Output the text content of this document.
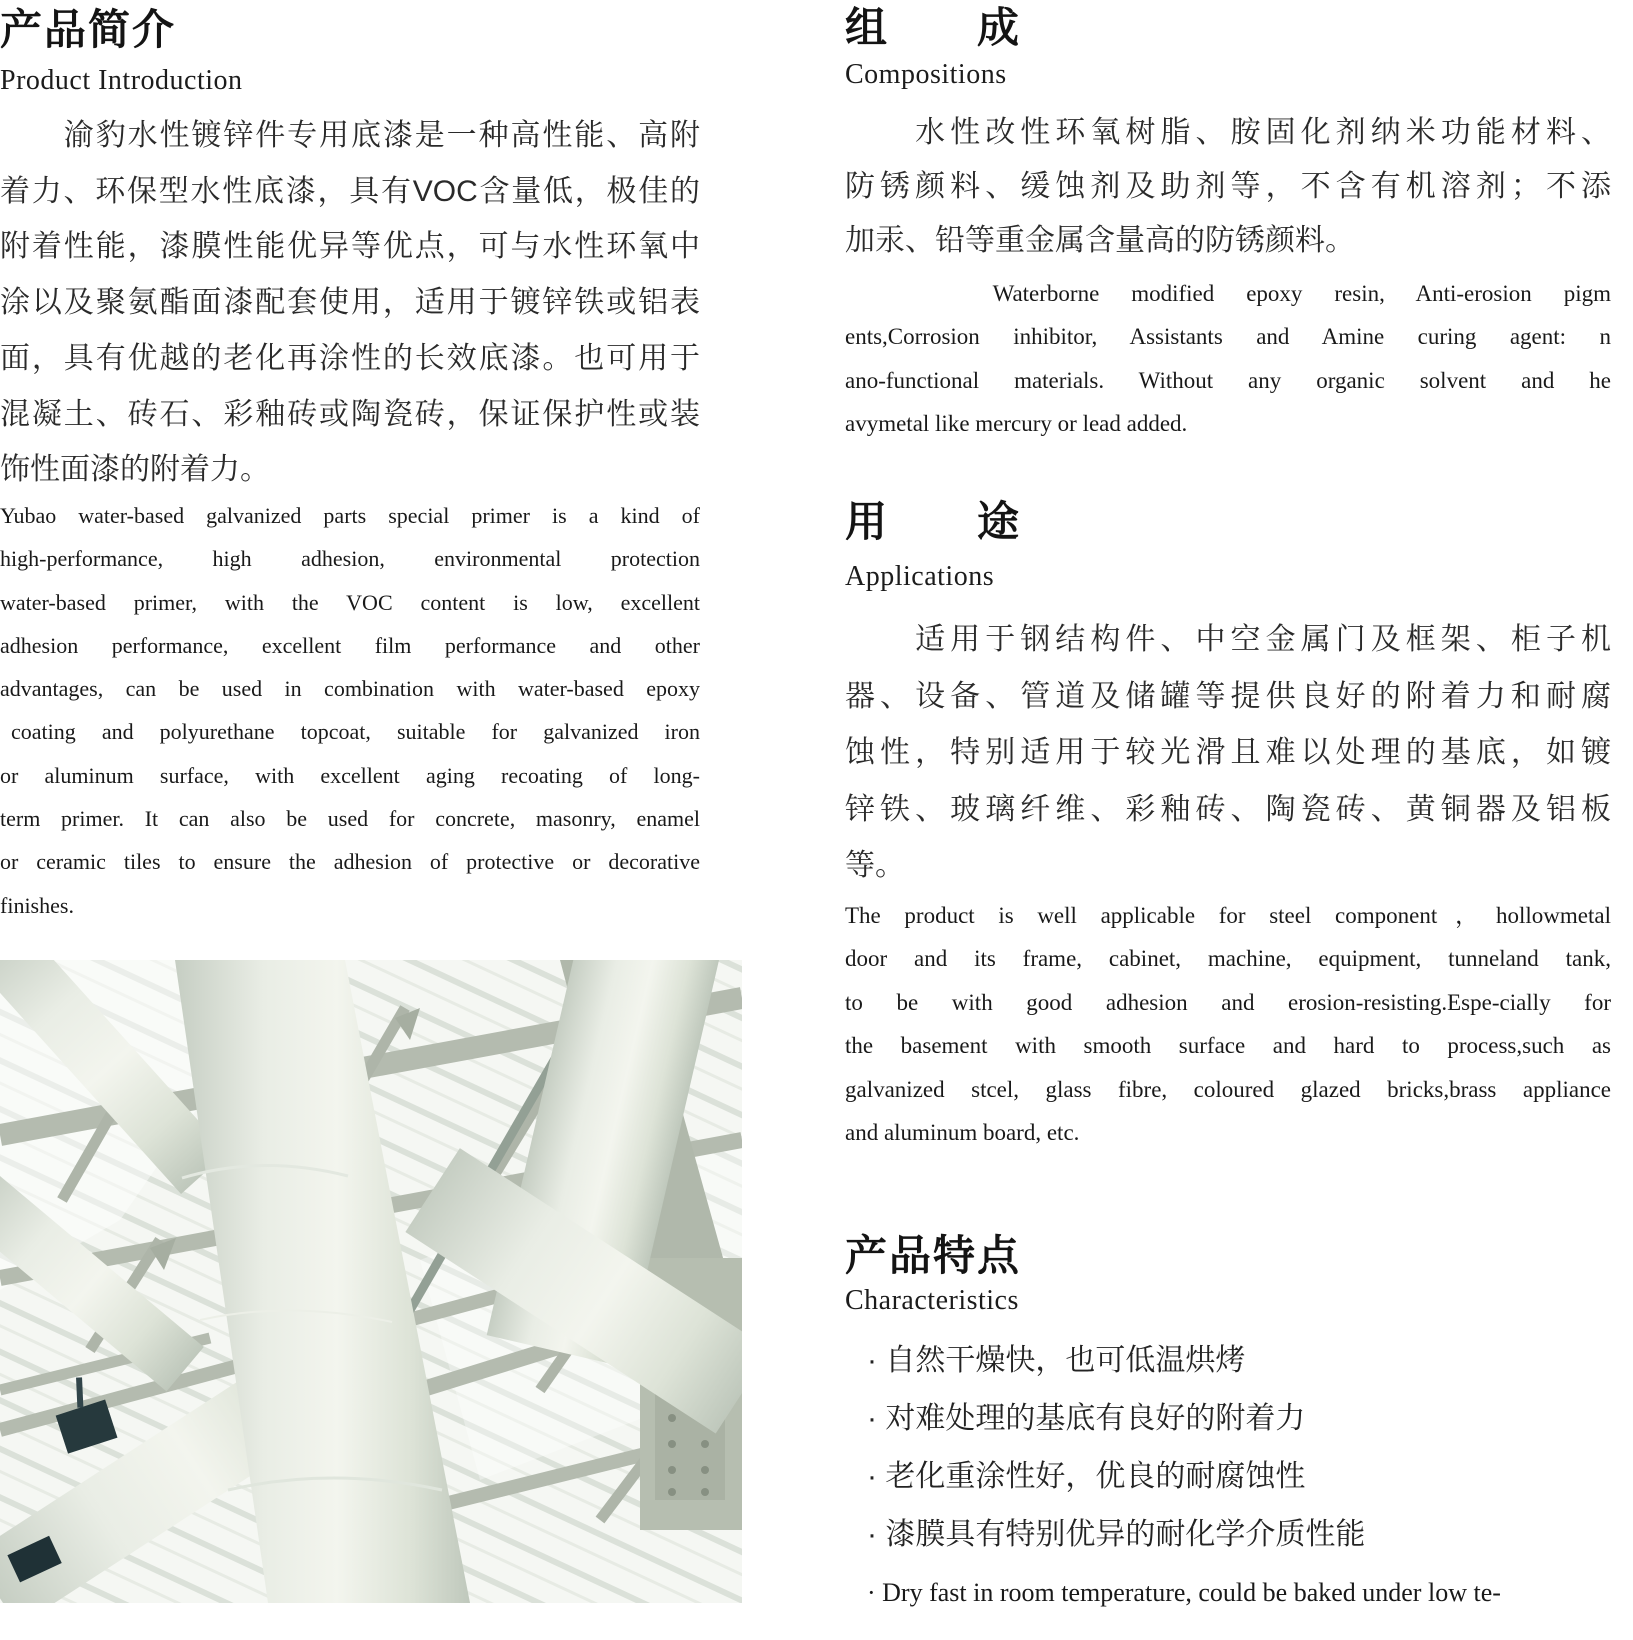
产品简介
Product Introduction
　　渝豹水性镀锌件专用底漆是一种高性能、高附
着力、环保型水性底漆，具有VOC含量低，极佳的
附着性能，漆膜性能优异等优点，可与水性环氧中
涂以及聚氨酯面漆配套使用，适用于镀锌铁或铝表
面，具有优越的老化再涂性的长效底漆。也可用于
混凝土、砖石、彩釉砖或陶瓷砖，保证保护性或装
饰性面漆的附着力。
Yubao water-based galvanized parts special primer is a kind of
high-performance, high adhesion, environmental protection
water-based primer, with the VOC content is low, excellent
adhesion performance, excellent film performance and other
advantages, can be used in combination with water-based epoxy
 coating and polyurethane topcoat, suitable for galvanized iron
or aluminum surface, with excellent aging recoating of long-
term primer. It can also be used for concrete, masonry, enamel
or ceramic tiles to ensure the adhesion of protective or decorative
finishes.
组　　成
Compositions
　　水性改性环氧树脂、胺固化剂纳米功能材料、
防锈颜料、缓蚀剂及助剂等，不含有机溶剂；不添
加汞、铅等重金属含量高的防锈颜料。
　　　Waterborne modified epoxy resin, Anti-erosion pigm
ents,Corrosion inhibitor, Assistants and Amine curing agent: n
ano-functional materials. Without any organic solvent and he
avymetal like mercury or lead added.
用　　途
Applications
　　适用于钢结构件、中空金属门及框架、柜子机
器、设备、管道及储罐等提供良好的附着力和耐腐
蚀性，特别适用于较光滑且难以处理的基底，如镀
锌铁、玻璃纤维、彩釉砖、陶瓷砖、黄铜器及铝板
等。
The product is well applicable for steel component，hollowmetal
door and its frame, cabinet, machine, equipment, tunneland tank,
to be with good adhesion and erosion-resisting.Espe-cially for
the basement with smooth surface and hard to process,such as
galvanized stcel, glass fibre, coloured glazed bricks,brass appliance
and aluminum board, etc.
产品特点
Characteristics
· 自然干燥快，也可低温烘烤
· 对难处理的基底有良好的附着力
· 老化重涂性好，优良的耐腐蚀性
· 漆膜具有特别优异的耐化学介质性能
· Dry fast in room temperature, could be baked under low te-
